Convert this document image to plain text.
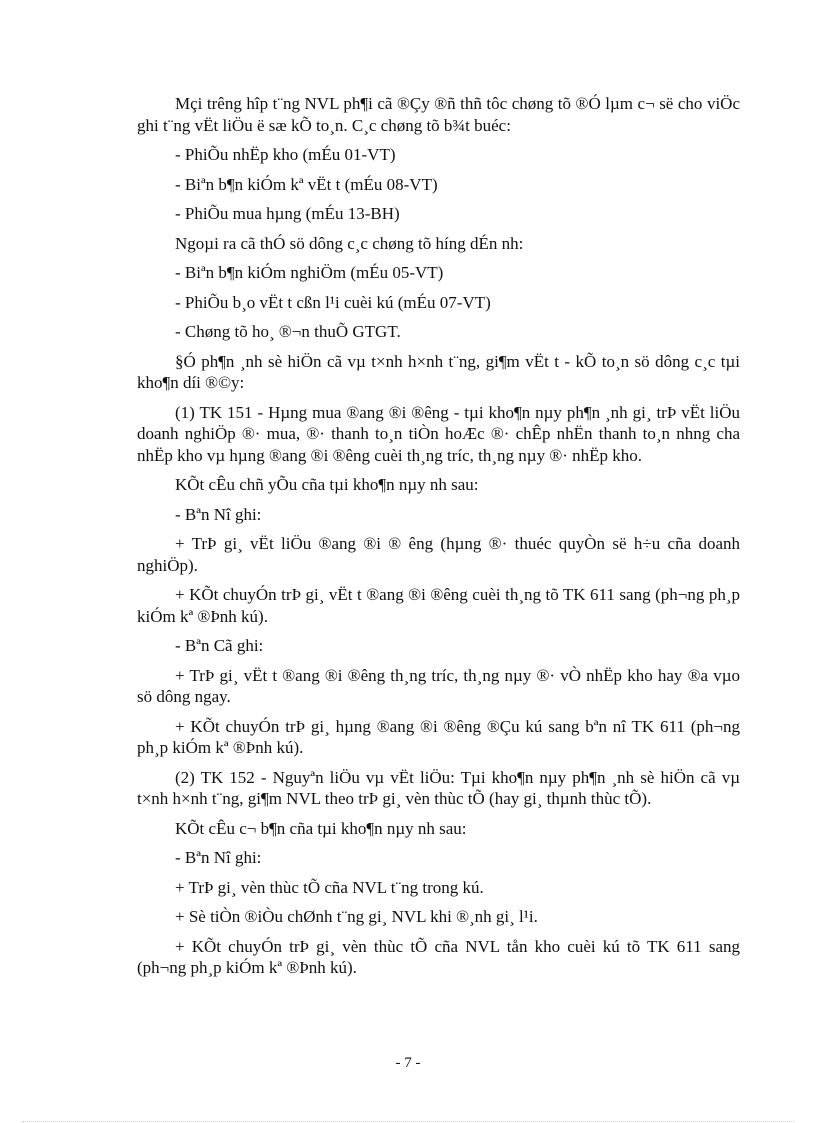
Mçi trêng hîp t¨ng NVL ph¶i cã ®Çy ®ñ thñ tôc chøng tõ ®Ó lµm c¬ së cho viÖc ghi t¨ng vËt liÖu ë sæ kÕ to¸n. C¸c chøng tõ b¾t buéc:

- PhiÕu nhËp kho (mÉu 01-VT)

- Biªn b¶n kiÓm kª vËt t (mÉu 08-VT)

- PhiÕu mua hµng (mÉu 13-BH)

Ngoµi ra cã thÓ sö dông c¸c chøng tõ híng dÉn nh:

- Biªn b¶n kiÓm nghiÖm (mÉu 05-VT)

- PhiÕu b¸o vËt t cßn l¹i cuèi kú (mÉu 07-VT)

- Chøng tõ ho¸ ®¬n thuÕ GTGT.

§Ó ph¶n ¸nh sè hiÖn cã vµ t×nh h×nh t¨ng, gi¶m vËt t - kÕ to¸n sö dông c¸c tµi kho¶n díi ®©y:

(1) TK 151 - Hµng mua ®ang ®i ®êng - tµi kho¶n nµy ph¶n ¸nh gi¸ trÞ vËt liÖu doanh nghiÖp ®· mua, ®· thanh to¸n tiÒn hoÆc ®· chÊp nhËn thanh to¸n nhng cha nhËp kho vµ hµng ®ang ®i ®êng cuèi th¸ng tríc, th¸ng nµy ®· nhËp kho.

KÕt cÊu chñ yÕu cña tµi kho¶n nµy nh sau:

- Bªn Nî ghi:

+ TrÞ gi¸ vËt liÖu ®ang ®i ® êng (hµng ®· thuéc quyÒn së h÷u cña doanh nghiÖp).

+ KÕt chuyÓn trÞ gi¸ vËt t ®ang ®i ®êng cuèi th¸ng tõ TK 611 sang (ph¬ng ph¸p kiÓm kª ®Þnh kú).

- Bªn Cã ghi:

+ TrÞ gi¸ vËt t ®ang ®i ®êng th¸ng tríc, th¸ng nµy ®· vÒ nhËp kho hay ®a vµo sö dông ngay.

+ KÕt chuyÓn trÞ gi¸ hµng ®ang ®i ®êng ®Çu kú sang bªn nî TK 611 (ph¬ng ph¸p kiÓm kª ®Þnh kú).

(2) TK 152 - Nguyªn liÖu vµ vËt liÖu: Tµi kho¶n nµy ph¶n ¸nh sè hiÖn cã vµ t×nh h×nh t¨ng, gi¶m NVL theo trÞ gi¸ vèn thùc tÕ (hay gi¸ thµnh thùc tÕ).

KÕt cÊu c¬ b¶n cña tµi kho¶n nµy nh sau:

- Bªn Nî ghi:

+ TrÞ gi¸ vèn thùc tÕ cña NVL t¨ng trong kú.

+ Sè tiÒn ®iÒu chØnh t¨ng gi¸ NVL khi ®¸nh gi¸ l¹i.

+ KÕt chuyÓn trÞ gi¸ vèn thùc tÕ cña NVL tån kho cuèi kú tõ TK 611 sang (ph¬ng ph¸p kiÓm kª ®Þnh kú).

- 7 -
